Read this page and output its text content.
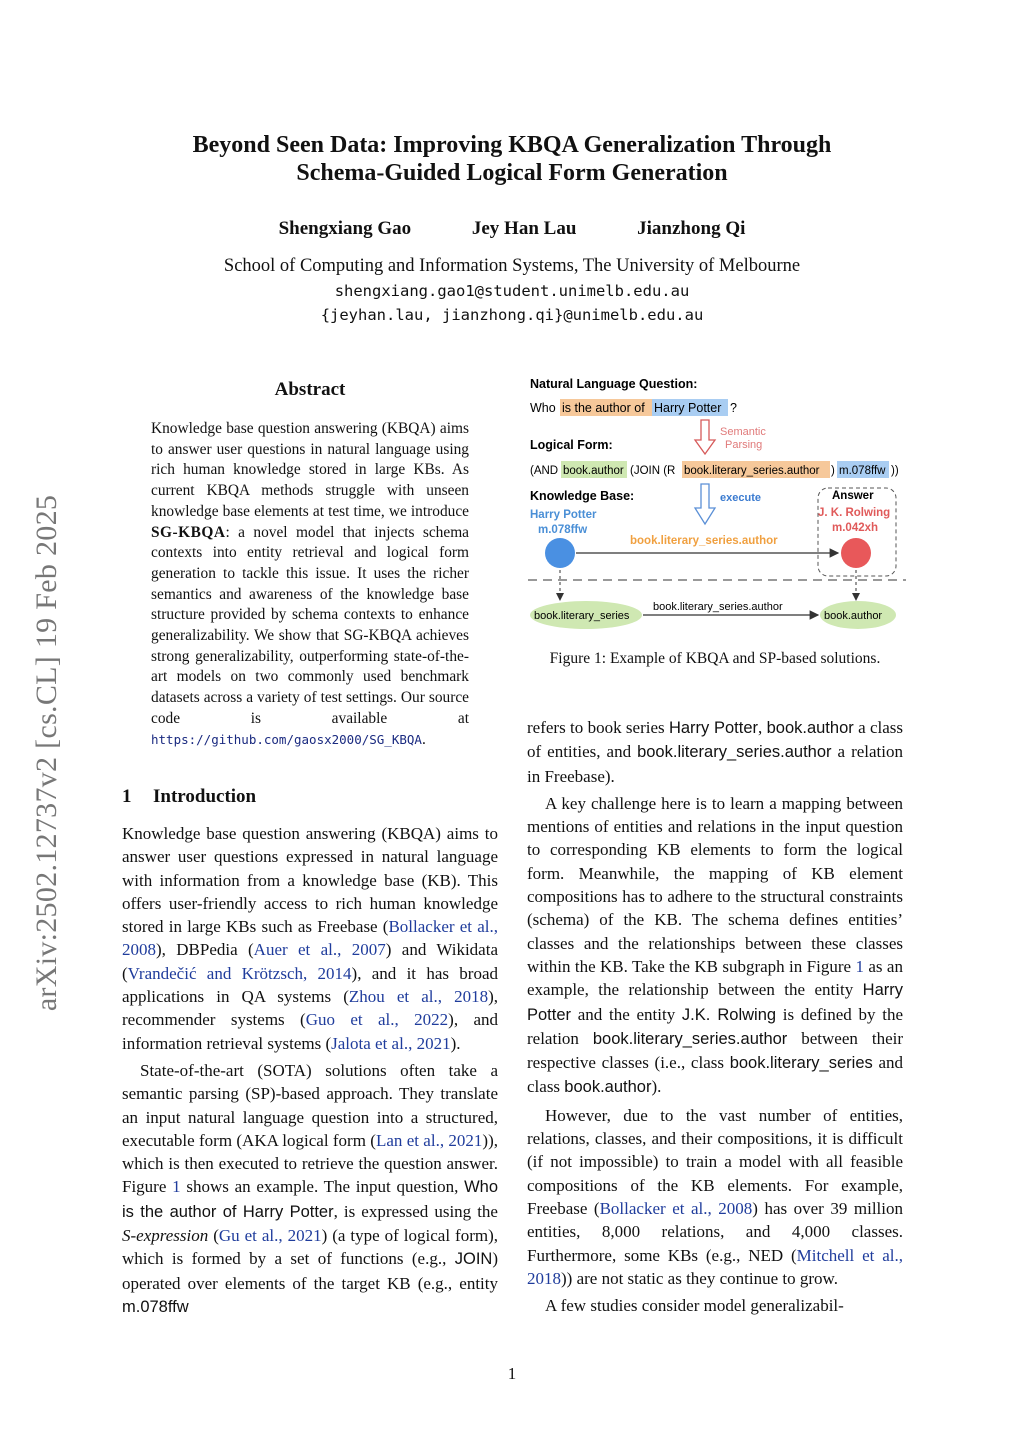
arXiv:2502.12737v2 [cs.CL] 19 Feb 2025
Beyond Seen Data: Improving KBQA Generalization Through
Schema-Guided Logical Form Generation
Shengxiang Gao	Jey Han Lau	Jianzhong Qi
School of Computing and Information Systems, The University of Melbourne
shengxiang.gao1@student.unimelb.edu.au
{jeyhan.lau, jianzhong.qi}@unimelb.edu.au
Abstract
Knowledge base question answering (KBQA) aims to answer user questions in natural language using rich human knowledge stored in large KBs. As current KBQA methods struggle with unseen knowledge base elements at test time, we introduce SG-KBQA: a novel model that injects schema contexts into entity retrieval and logical form generation to tackle this issue. It uses the richer semantics and awareness of the knowledge base structure provided by schema contexts to enhance generalizability. We show that SG-KBQA achieves strong generalizability, outperforming state-of-the-art models on two commonly used benchmark datasets across a variety of test settings. Our source code is available at https://github.com/gaosx2000/SG_KBQA.
1 Introduction

Knowledge base question answering (KBQA) aims to answer user questions expressed in natural language with information from a knowledge base (KB). This offers user-friendly access to rich human knowledge stored in large KBs such as Freebase (Bollacker et al., 2008), DBPedia (Auer et al., 2007) and Wikidata (Vrandečić and Krötzsch, 2014), and it has broad applications in QA systems (Zhou et al., 2018), recommender systems (Guo et al., 2022), and information retrieval systems (Jalota et al., 2021).

State-of-the-art (SOTA) solutions often take a semantic parsing (SP)-based approach. They translate an input natural language question into a structured, executable form (AKA logical form (Lan et al., 2021)), which is then executed to retrieve the question answer. Figure 1 shows an example. The input question, Who is the author of Harry Potter, is expressed using the S-expression (Gu et al., 2021) (a type of logical form), which is formed by a set of functions (e.g., JOIN) operated over elements of the target KB (e.g., entity m.078ffw

Natural Language Question:
Who is the author of Harry Potter ?
Semantic
Parsing
Logical Form:
(AND book.author (JOIN (R book.literary_series.author ) m.078ffw ))
execute
Knowledge Base:	Answer
J. K. Rolwing
m.042xh
Harry Potter
m.078ffw
book.literary_series.author
book.literary_series	book.author
book.literary_series.author
Figure 1: Example of KBQA and SP-based solutions.

refers to book series Harry Potter, book.author a class of entities, and book.literary_series.author a relation in Freebase).

A key challenge here is to learn a mapping between mentions of entities and relations in the input question to corresponding KB elements to form the logical form. Meanwhile, the mapping of KB element compositions has to adhere to the structural constraints (schema) of the KB. The schema defines entities’ classes and the relationships between these classes within the KB. Take the KB subgraph in Figure 1 as an example, the relationship between the entity Harry Potter and the entity J.K. Rolwing is defined by the relation book.literary_series.author between their respective classes (i.e., class book.literary_series and class book.author).

However, due to the vast number of entities, relations, classes, and their compositions, it is difficult (if not impossible) to train a model with all feasible compositions of the KB elements. For example, Freebase (Bollacker et al., 2008) has over 39 million entities, 8,000 relations, and 4,000 classes. Furthermore, some KBs (e.g., NED (Mitchell et al., 2018)) are not static as they continue to grow.

A few studies consider model generalizabil-

1
